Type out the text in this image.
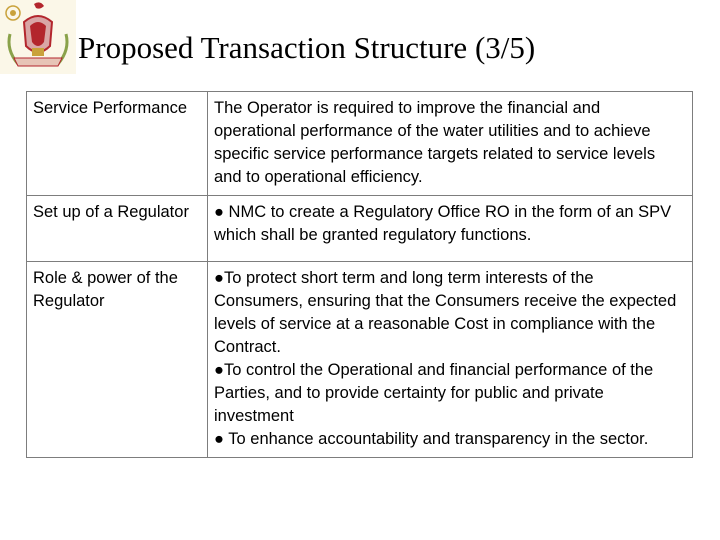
Proposed Transaction Structure (3/5)
Service Performance	The Operator is required to improve the financial and operational performance of the water utilities and to achieve specific service performance targets related to service levels and to operational efficiency.
Set up of a Regulator	● NMC to create a Regulatory Office RO in the form of an SPV which shall be granted regulatory functions.
Role & power of the Regulator	●To protect short term and long term interests of the Consumers, ensuring that the Consumers receive the expected levels of service at a reasonable Cost in compliance with the Contract.
●To control the Operational and financial performance of the Parties, and to provide certainty for public and private investment
● To enhance accountability and transparency in the sector.
